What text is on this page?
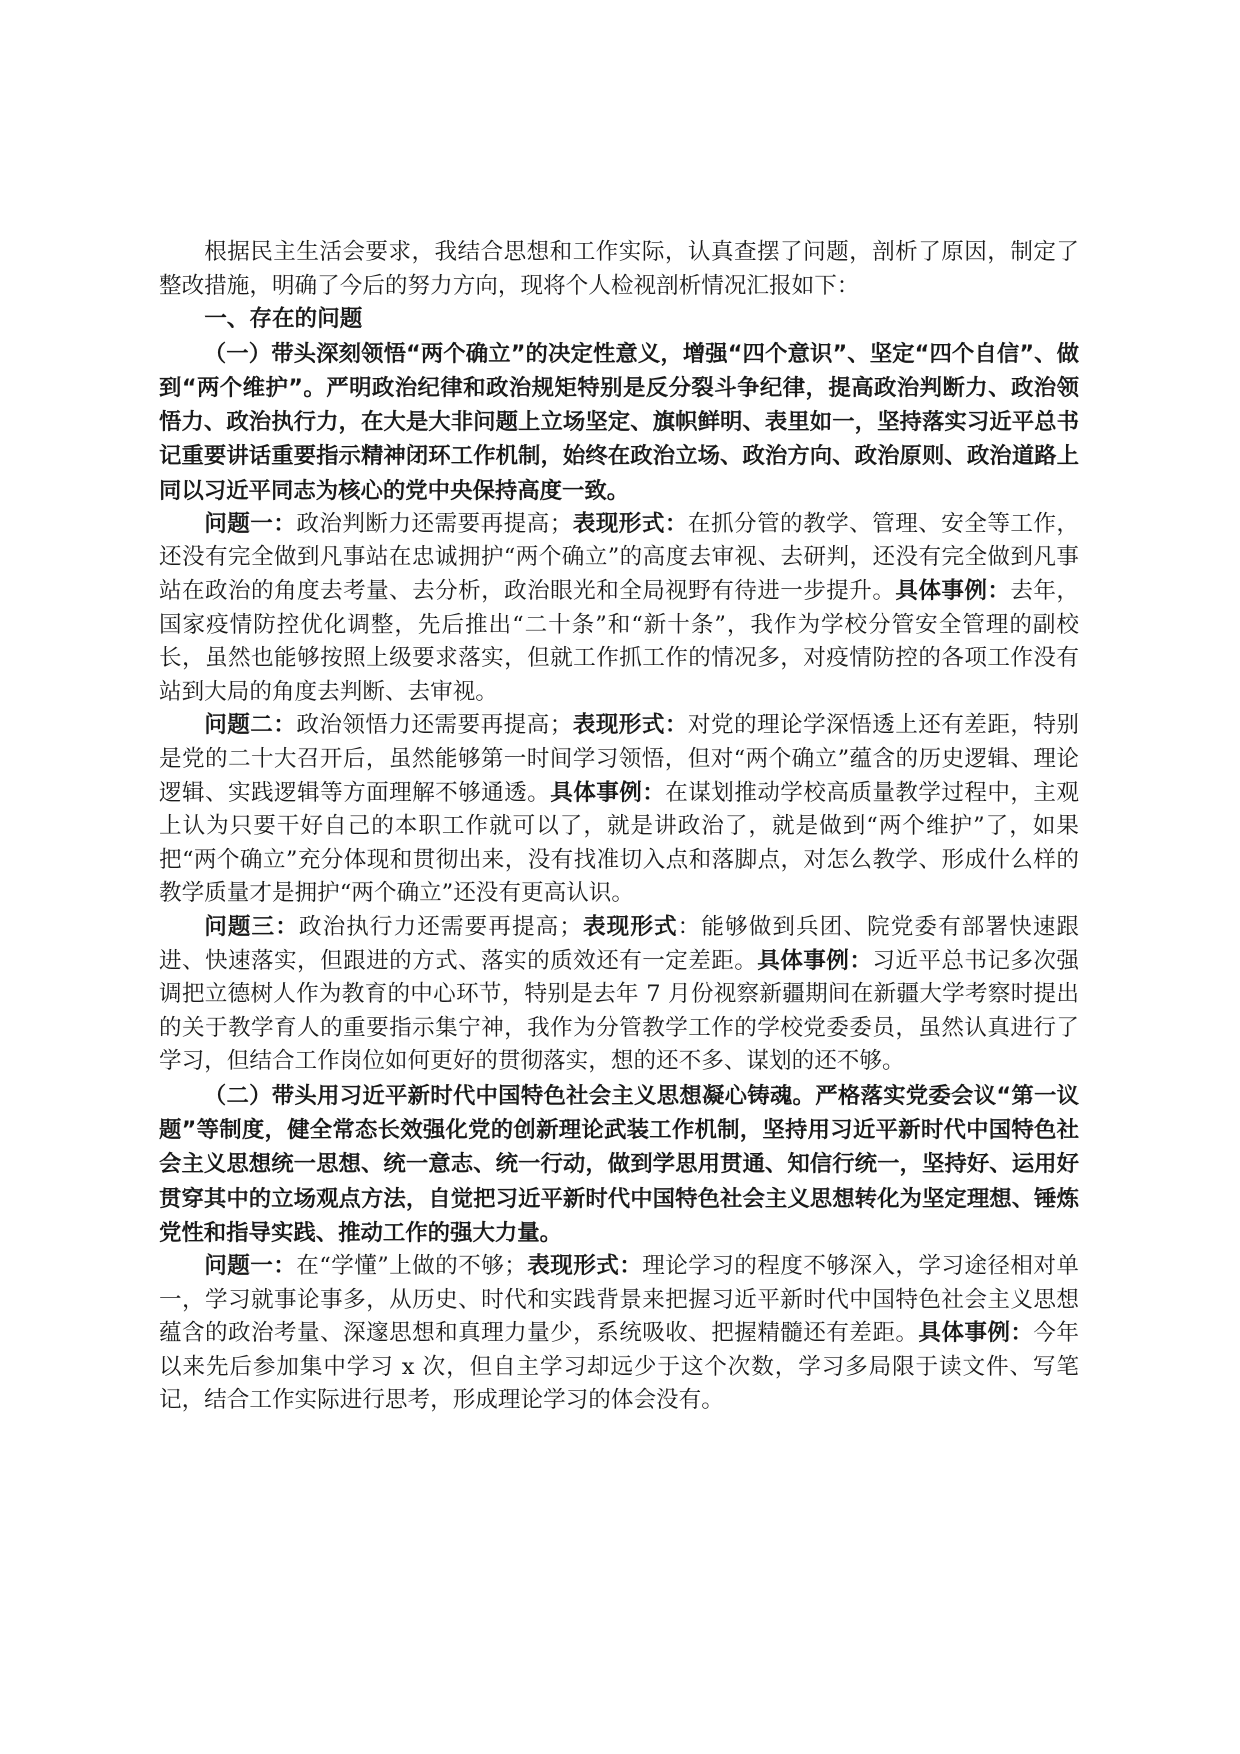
根据民主生活会要求，我结合思想和工作实际，认真查摆了问题，剖析了原因，制定了整改措施，明确了今后的努力方向，现将个人检视剖析情况汇报如下：

一、存在的问题

（一）带头深刻领悟“两个确立”的决定性意义，增强“四个意识”、坚定“四个自信”、做到“两个维护”。严明政治纪律和政治规矩特别是反分裂斗争纪律，提高政治判断力、政治领悟力、政治执行力，在大是大非问题上立场坚定、旗帜鲜明、表里如一，坚持落实习近平总书记重要讲话重要指示精神闭环工作机制，始终在政治立场、政治方向、政治原则、政治道路上同以习近平同志为核心的党中央保持高度一致。

问题一：政治判断力还需要再提高；表现形式：在抓分管的教学、管理、安全等工作，还没有完全做到凡事站在忠诚拥护“两个确立”的高度去审视、去研判，还没有完全做到凡事站在政治的角度去考量、去分析，政治眼光和全局视野有待进一步提升。具体事例：去年，国家疫情防控优化调整，先后推出“二十条”和“新十条”，我作为学校分管安全管理的副校长，虽然也能够按照上级要求落实，但就工作抓工作的情况多，对疫情防控的各项工作没有站到大局的角度去判断、去审视。

问题二：政治领悟力还需要再提高；表现形式：对党的理论学深悟透上还有差距，特别是党的二十大召开后，虽然能够第一时间学习领悟，但对“两个确立”蕴含的历史逻辑、理论逻辑、实践逻辑等方面理解不够通透。具体事例：在谋划推动学校高质量教学过程中，主观上认为只要干好自己的本职工作就可以了，就是讲政治了，就是做到“两个维护”了，如果把“两个确立”充分体现和贯彻出来，没有找准切入点和落脚点，对怎么教学、形成什么样的教学质量才是拥护“两个确立”还没有更高认识。

问题三：政治执行力还需要再提高；表现形式：能够做到兵团、院党委有部署快速跟进、快速落实，但跟进的方式、落实的质效还有一定差距。具体事例：习近平总书记多次强调把立德树人作为教育的中心环节，特别是去年 7 月份视察新疆期间在新疆大学考察时提出的关于教学育人的重要指示集宁神，我作为分管教学工作的学校党委委员，虽然认真进行了学习，但结合工作岗位如何更好的贯彻落实，想的还不多、谋划的还不够。

（二）带头用习近平新时代中国特色社会主义思想凝心铸魂。严格落实党委会议“第一议题”等制度，健全常态长效强化党的创新理论武装工作机制，坚持用习近平新时代中国特色社会主义思想统一思想、统一意志、统一行动，做到学思用贯通、知信行统一，坚持好、运用好贯穿其中的立场观点方法，自觉把习近平新时代中国特色社会主义思想转化为坚定理想、锤炼党性和指导实践、推动工作的强大力量。

问题一：在“学懂”上做的不够；表现形式：理论学习的程度不够深入，学习途径相对单一，学习就事论事多，从历史、时代和实践背景来把握习近平新时代中国特色社会主义思想蕴含的政治考量、深邃思想和真理力量少，系统吸收、把握精髓还有差距。具体事例：今年以来先后参加集中学习 x 次，但自主学习却远少于这个次数，学习多局限于读文件、写笔记，结合工作实际进行思考，形成理论学习的体会没有。
